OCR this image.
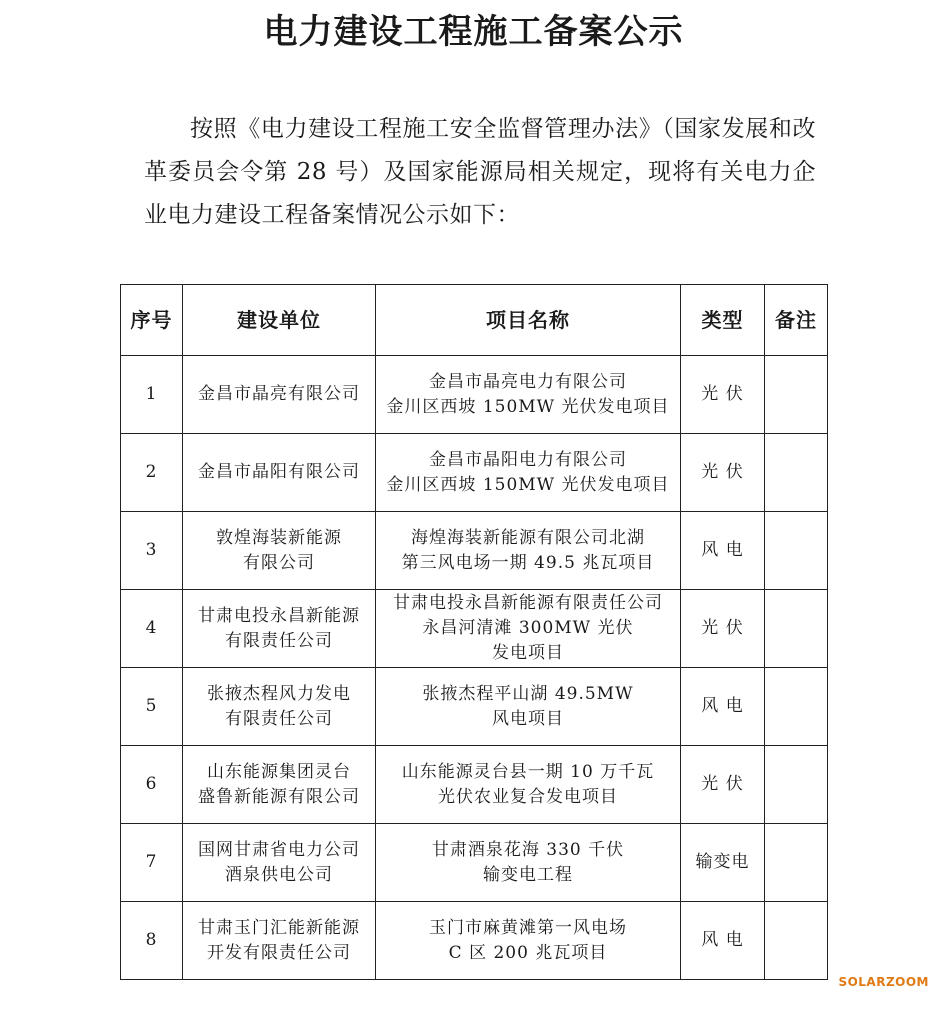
电力建设工程施工备案公示
按照《电力建设工程施工安全监督管理办法》（国家发展和改革委员会令第 28 号）及国家能源局相关规定，现将有关电力企业电力建设工程备案情况公示如下：
序号	建设单位	项目名称	类型	备注
1	金昌市晶亮有限公司	金昌市晶亮电力有限公司
金川区西坡 150MW 光伏发电项目	光 伏	
2	金昌市晶阳有限公司	金昌市晶阳电力有限公司
金川区西坡 150MW 光伏发电项目	光 伏	
3	敦煌海装新能源
有限公司	海煌海装新能源有限公司北湖
第三风电场一期 49.5 兆瓦项目	风 电	
4	甘肃电投永昌新能源
有限责任公司	甘肃电投永昌新能源有限责任公司
永昌河清滩 300MW 光伏
发电项目	光 伏	
5	张掖杰程风力发电
有限责任公司	张掖杰程平山湖 49.5MW
风电项目	风 电	
6	山东能源集团灵台
盛鲁新能源有限公司	山东能源灵台县一期 10 万千瓦
光伏农业复合发电项目	光 伏	
7	国网甘肃省电力公司
酒泉供电公司	甘肃酒泉花海 330 千伏
输变电工程	输变电	
8	甘肃玉门汇能新能源
开发有限责任公司	玉门市麻黄滩第一风电场
C 区 200 兆瓦项目	风 电	
SOLARZOOM
